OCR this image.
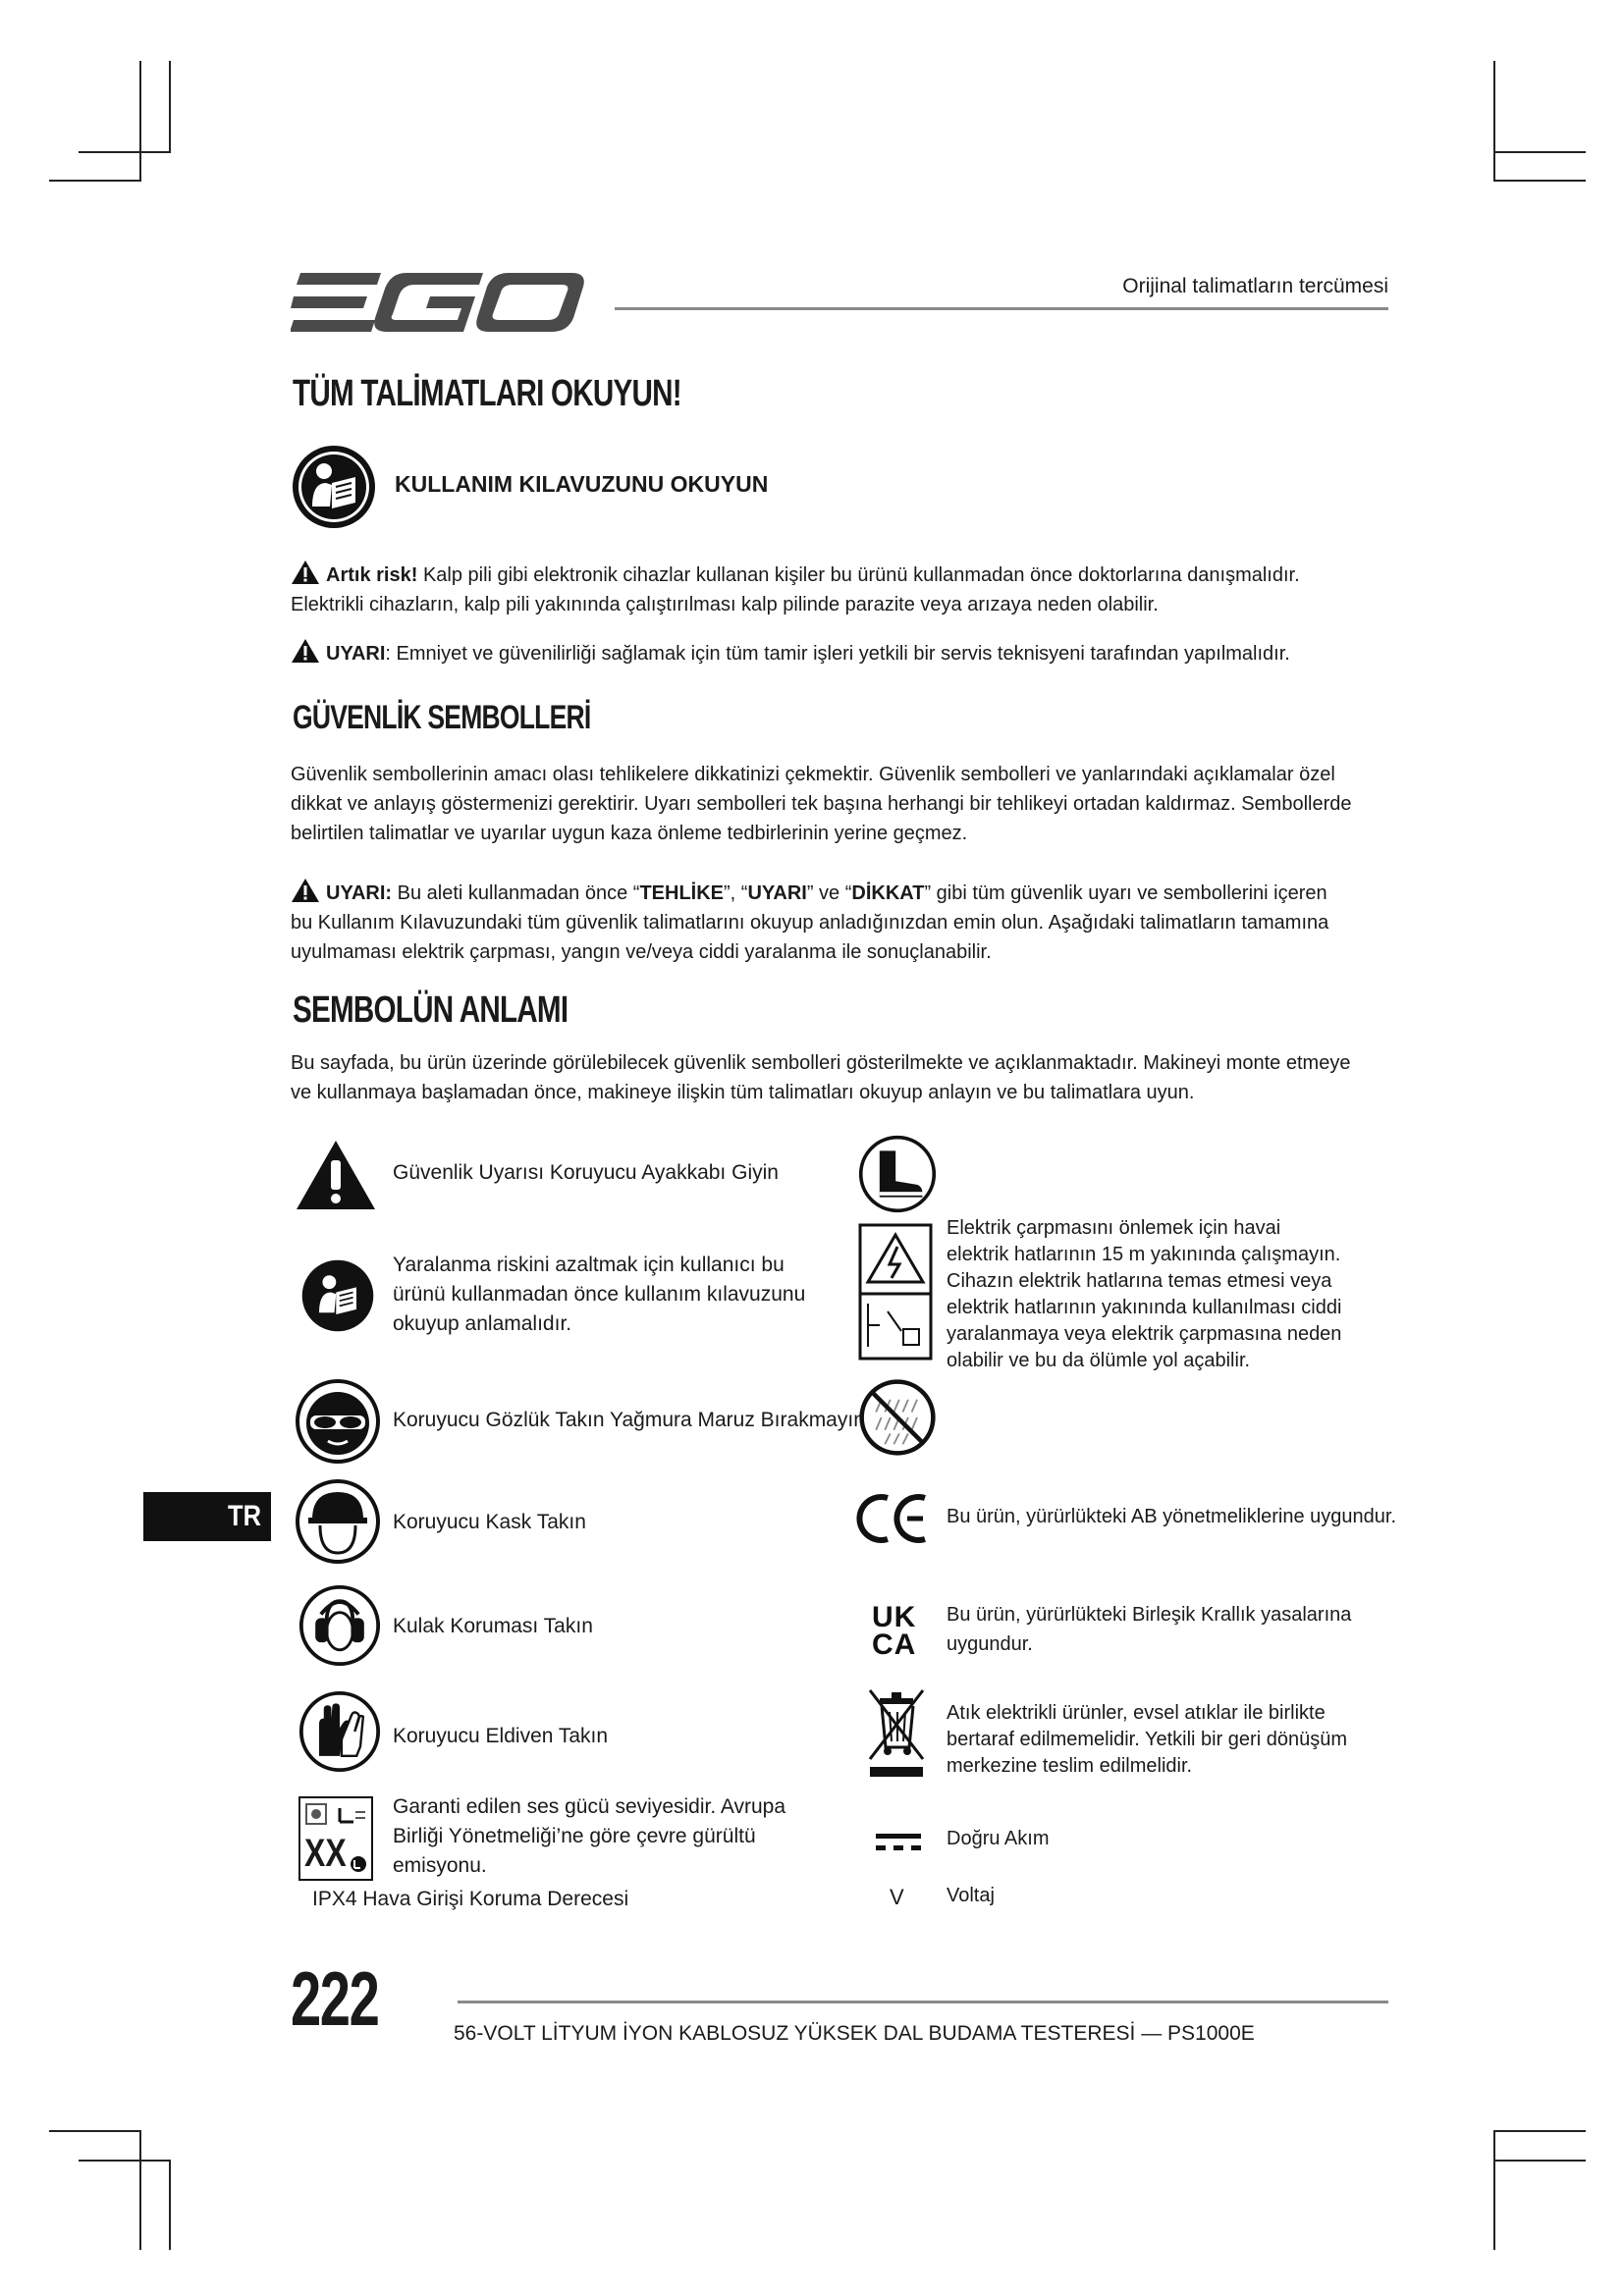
Orijinal talimatların tercümesi
TÜM TALİMATLARI OKUYUN!
KULLANIM KILAVUZUNU OKUYUN
Artık risk! Kalp pili gibi elektronik cihazlar kullanan kişiler bu ürünü kullanmadan önce doktorlarına danışmalıdır.
Elektrikli cihazların, kalp pili yakınında çalıştırılması kalp pilinde parazite veya arızaya neden olabilir.
UYARI: Emniyet ve güvenilirliği sağlamak için tüm tamir işleri yetkili bir servis teknisyeni tarafından yapılmalıdır.
GÜVENLİK SEMBOLLERİ
Güvenlik sembollerinin amacı olası tehlikelere dikkatinizi çekmektir. Güvenlik sembolleri ve yanlarındaki açıklamalar özel
dikkat ve anlayış göstermenizi gerektirir. Uyarı sembolleri tek başına herhangi bir tehlikeyi ortadan kaldırmaz. Sembollerde
belirtilen talimatlar ve uyarılar uygun kaza önleme tedbirlerinin yerine geçmez.
UYARI: Bu aleti kullanmadan önce “TEHLİKE”, “UYARI” ve “DİKKAT” gibi tüm güvenlik uyarı ve sembollerini içeren
bu Kullanım Kılavuzundaki tüm güvenlik talimatlarını okuyup anladığınızdan emin olun. Aşağıdaki talimatların tamamına
uyulmaması elektrik çarpması, yangın ve/veya ciddi yaralanma ile sonuçlanabilir.
SEMBOLÜN ANLAMI
Bu sayfada, bu ürün üzerinde görülebilecek güvenlik sembolleri gösterilmekte ve açıklanmaktadır. Makineyi monte etmeye
ve kullanmaya başlamadan önce, makineye ilişkin tüm talimatları okuyup anlayın ve bu talimatlara uyun.
Güvenlik Uyarısı Koruyucu Ayakkabı Giyin
Yaralanma riskini azaltmak için kullanıcı bu
ürünü kullanmadan önce kullanım kılavuzunu
okuyup anlamalıdır.
Koruyucu Gözlük Takın Yağmura Maruz Bırakmayın
Koruyucu Kask Takın
Kulak Koruması Takın
Koruyucu Eldiven Takın
XX
Garanti edilen ses gücü seviyesidir. Avrupa
Birliği Yönetmeliği’ne göre çevre gürültü
emisyonu.
IPX4 Hava Girişi Koruma Derecesi
Elektrik çarpmasını önlemek için havai
elektrik hatlarının 15 m yakınında çalışmayın.
Cihazın elektrik hatlarına temas etmesi veya
elektrik hatlarının yakınında kullanılması ciddi
yaralanmaya veya elektrik çarpmasına neden
olabilir ve bu da ölümle yol açabilir.
Bu ürün, yürürlükteki AB yönetmeliklerine uygundur.
UK
CA
Bu ürün, yürürlükteki Birleşik Krallık yasalarına
uygundur.
Atık elektrikli ürünler, evsel atıklar ile birlikte
bertaraf edilmemelidir. Yetkili bir geri dönüşüm
merkezine teslim edilmelidir.
Doğru Akım
V Voltaj
TR
222	56-VOLT LİTYUM İYON KABLOSUZ YÜKSEK DAL BUDAMA TESTERESİ — PS1000E
